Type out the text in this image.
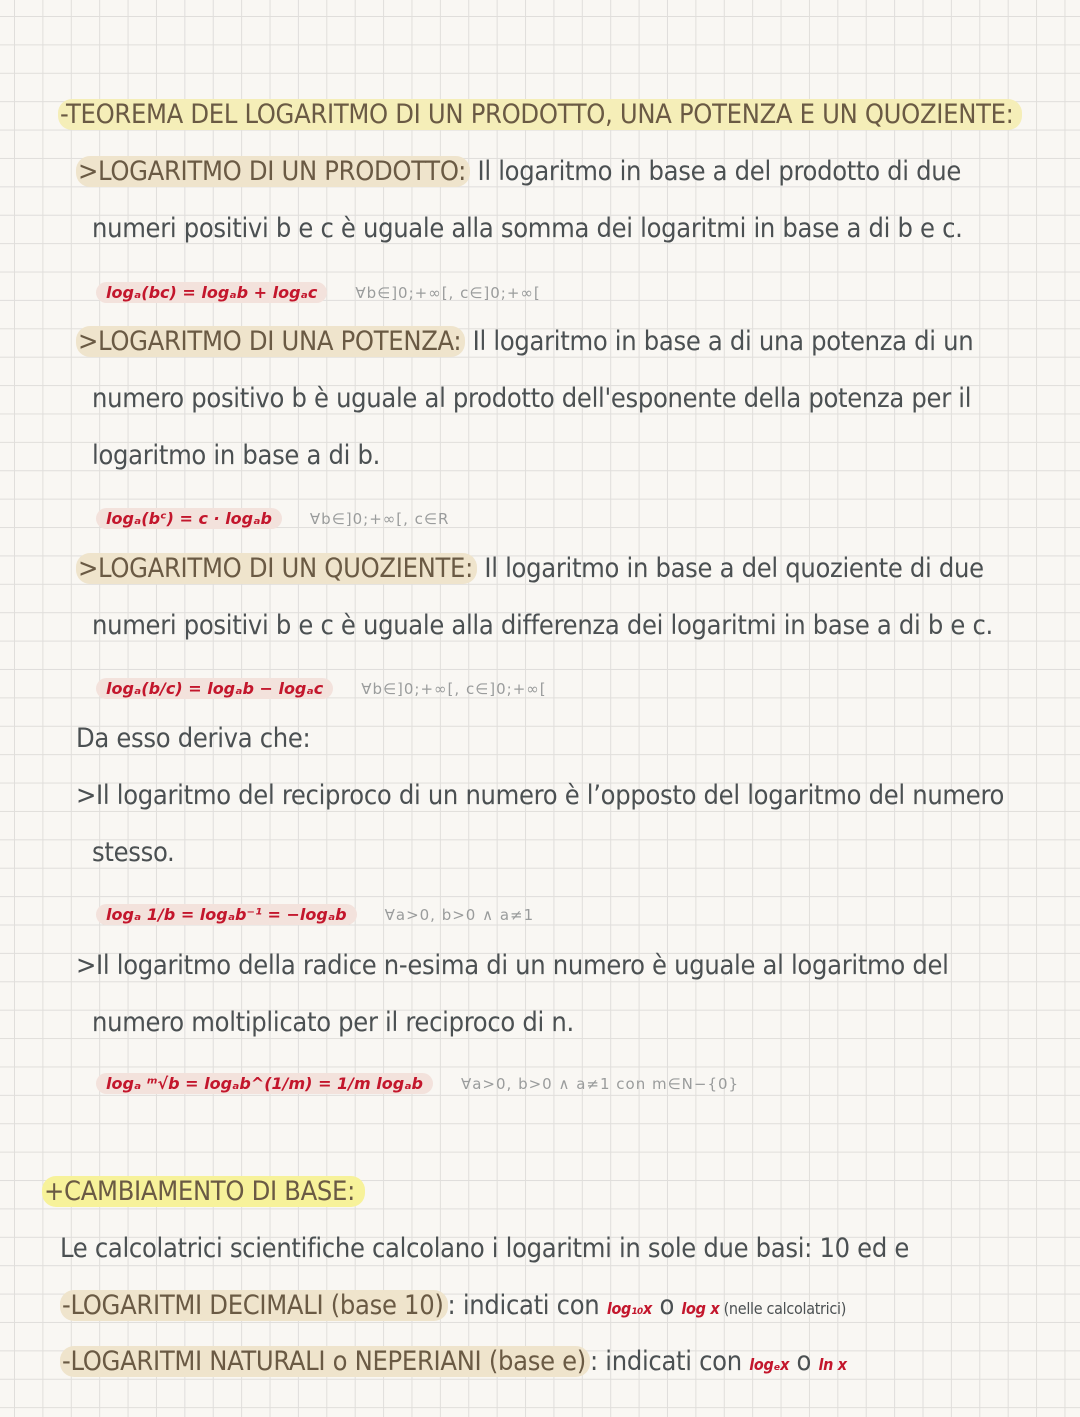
-TEOREMA DEL LOGARITMO DI UN PRODOTTO, UNA POTENZA E UN QUOZIENTE:
>LOGARITMO DI UN PRODOTTO: Il logaritmo in base a del prodotto di due
numeri positivi b e c è uguale alla somma dei logaritmi in base a di b e c.
logₐ(bc) = logₐb + logₐc	∀b∈]0;+∞[, c∈]0;+∞[
>LOGARITMO DI UNA POTENZA: Il logaritmo in base a di una potenza di un
numero positivo b è uguale al prodotto dell'esponente della potenza per il
logaritmo in base a di b.
logₐ(bᶜ) = c · logₐb	∀b∈]0;+∞[, c∈R
>LOGARITMO DI UN QUOZIENTE: Il logaritmo in base a del quoziente di due
numeri positivi b e c è uguale alla differenza dei logaritmi in base a di b e c.
logₐ(b/c) = logₐb − logₐc	∀b∈]0;+∞[, c∈]0;+∞[
Da esso deriva che:
>Il logaritmo del reciproco di un numero è l’opposto del logaritmo del numero
stesso.
logₐ 1/b = logₐb⁻¹ = −logₐb	∀a>0, b>0 ∧ a≠1
>Il logaritmo della radice n-esima di un numero è uguale al logaritmo del
numero moltiplicato per il reciproco di n.
logₐ ᵐ√b = logₐb^(1/m) = 1/m logₐb	∀a>0, b>0 ∧ a≠1 con m∈N−{0}
+CAMBIAMENTO DI BASE:
Le calcolatrici scientifiche calcolano i logaritmi in sole due basi: 10 ed e
-LOGARITMI DECIMALI (base 10) : indicati con log₁₀x o log x (nelle calcolatrici)
-LOGARITMI NATURALI o NEPERIANI (base e) : indicati con logₑx o ln x
